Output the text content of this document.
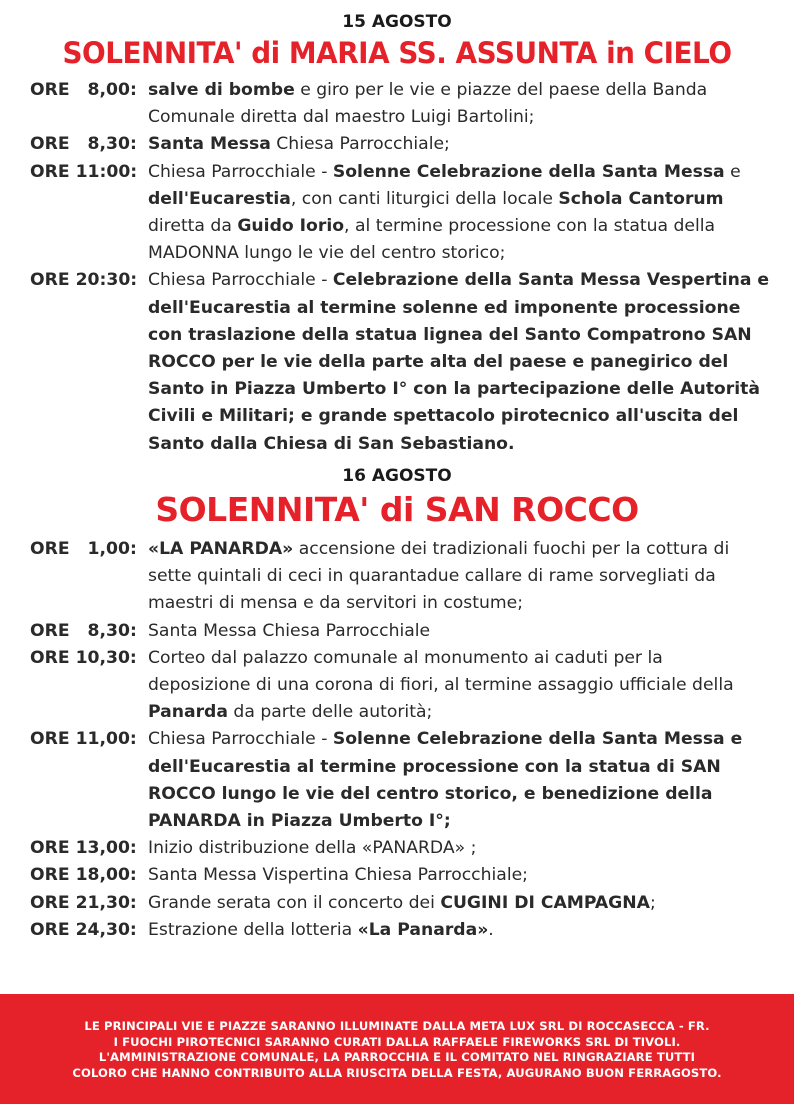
15 AGOSTO
SOLENNITA' di MARIA SS. ASSUNTA in CIELO
ORE   8,00: salve di bombe e giro per le vie e piazze del paese della Banda Comunale diretta dal maestro Luigi Bartolini;
ORE   8,30: Santa Messa Chiesa Parrocchiale;
ORE 11:00: Chiesa Parrocchiale - Solenne Celebrazione della Santa Messa e dell'Eucarestia, con canti liturgici della locale Schola Cantorum diretta da Guido Iorio, al termine processione con la statua della MADONNA lungo le vie del centro storico;
ORE 20:30: Chiesa Parrocchiale - Celebrazione della Santa Messa Vespertina e dell'Eucarestia al termine solenne ed imponente processione con traslazione della statua lignea del Santo Compatrono SAN ROCCO per le vie della parte alta del paese e panegirico del Santo in Piazza Umberto I° con la partecipazione delle Autorità Civili e Militari; e grande spettacolo pirotecnico all'uscita del Santo dalla Chiesa di San Sebastiano.
16 AGOSTO
SOLENNITA' di SAN ROCCO
ORE   1,00: «LA PANARDA» accensione dei tradizionali fuochi per la cottura di sette quintali di ceci in quarantadue callare di rame sorvegliati da maestri di mensa e da servitori in costume;
ORE   8,30: Santa Messa Chiesa Parrocchiale
ORE 10,30: Corteo dal palazzo comunale al monumento ai caduti per la deposizione di una corona di fiori, al termine assaggio ufficiale della Panarda da parte delle autorità;
ORE 11,00: Chiesa Parrocchiale - Solenne Celebrazione della Santa Messa e dell'Eucarestia al termine processione con la statua di SAN ROCCO lungo le vie del centro storico, e benedizione della PANARDA in Piazza Umberto I°;
ORE 13,00: Inizio distribuzione della «PANARDA» ;
ORE 18,00: Santa Messa Vispertina Chiesa Parrocchiale;
ORE 21,30: Grande serata con il concerto dei CUGINI DI CAMPAGNA;
ORE 24,30: Estrazione della lotteria «La Panarda».
LE PRINCIPALI VIE E PIAZZE SARANNO ILLUMINATE DALLA META LUX SRL DI ROCCASECCA - FR.
I FUOCHI PIROTECNICI SARANNO CURATI DALLA RAFFAELE FIREWORKS SRL DI TIVOLI.
L'AMMINISTRAZIONE COMUNALE, LA PARROCCHIA E IL COMITATO NEL RINGRAZIARE TUTTI
COLORO CHE HANNO CONTRIBUITO ALLA RIUSCITA DELLA FESTA, AUGURANO BUON FERRAGOSTO.
